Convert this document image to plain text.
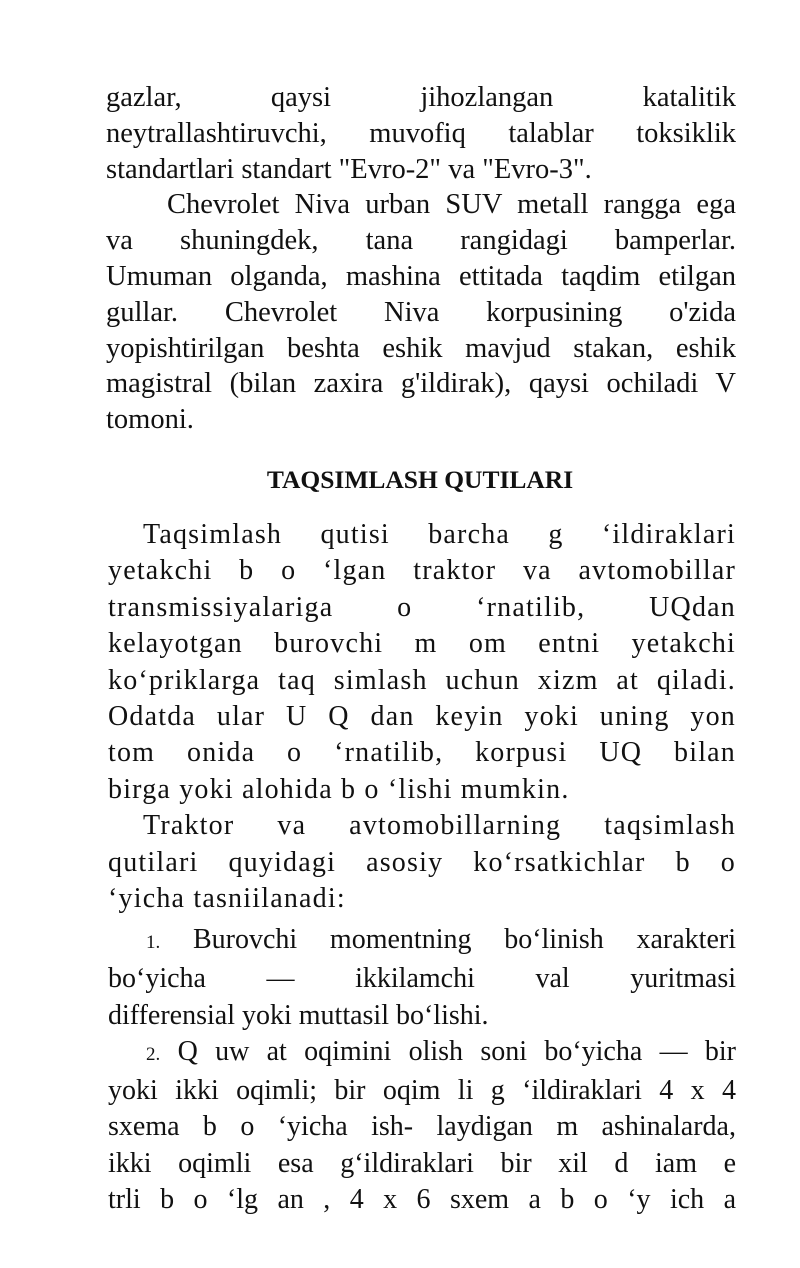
gazlar, qaysi jihozlangan katalitik
neytrallashtiruvchi, muvofiq talablar toksiklik
standartlari standart "Evro-2" va "Evro-3".
Chevrolet Niva urban SUV metall rangga ega
va shuningdek, tana rangidagi bamperlar.
Umuman olganda, mashina ettitada taqdim etilgan
gullar. Chevrolet Niva korpusining o'zida
yopishtirilgan beshta eshik mavjud stakan, eshik
magistral (bilan zaxira g'ildirak), qaysi ochiladi V
tomoni.
TAQSIMLASH QUTILARI
Taqsimlash qutisi barcha g ‘ildiraklari
yetakchi b o ‘lgan traktor va avtomobillar
transmissiyalariga o ‘rnatilib, UQdan
kelayotgan burovchi m om entni yetakchi
ko‘priklarga taq simlash uchun xizm at qiladi.
Odatda ular U Q dan keyin yoki uning yon
tom onida o ‘rnatilib, korpusi UQ bilan
birga yoki alohida b o ‘lishi mumkin.
Traktor va avtomobillarning taqsimlash
qutilari quyidagi asosiy ko‘rsatkichlar b o
‘yicha tasniilanadi:
1. Burovchi momentning bo‘linish xarakteri
bo‘yicha — ikkilamchi val yuritmasi
differensial yoki muttasil bo‘lishi.
2. Q uw at oqimini olish soni bo‘yicha — bir
yoki ikki oqimli; bir oqim li g ‘ildiraklari 4 x 4
sxema b o ‘yicha ish- laydigan m ashinalarda,
ikki oqimli esa g‘ildiraklari bir xil d iam e
trli b o ‘lg an , 4 x 6 sxem a b o ‘y ich a
